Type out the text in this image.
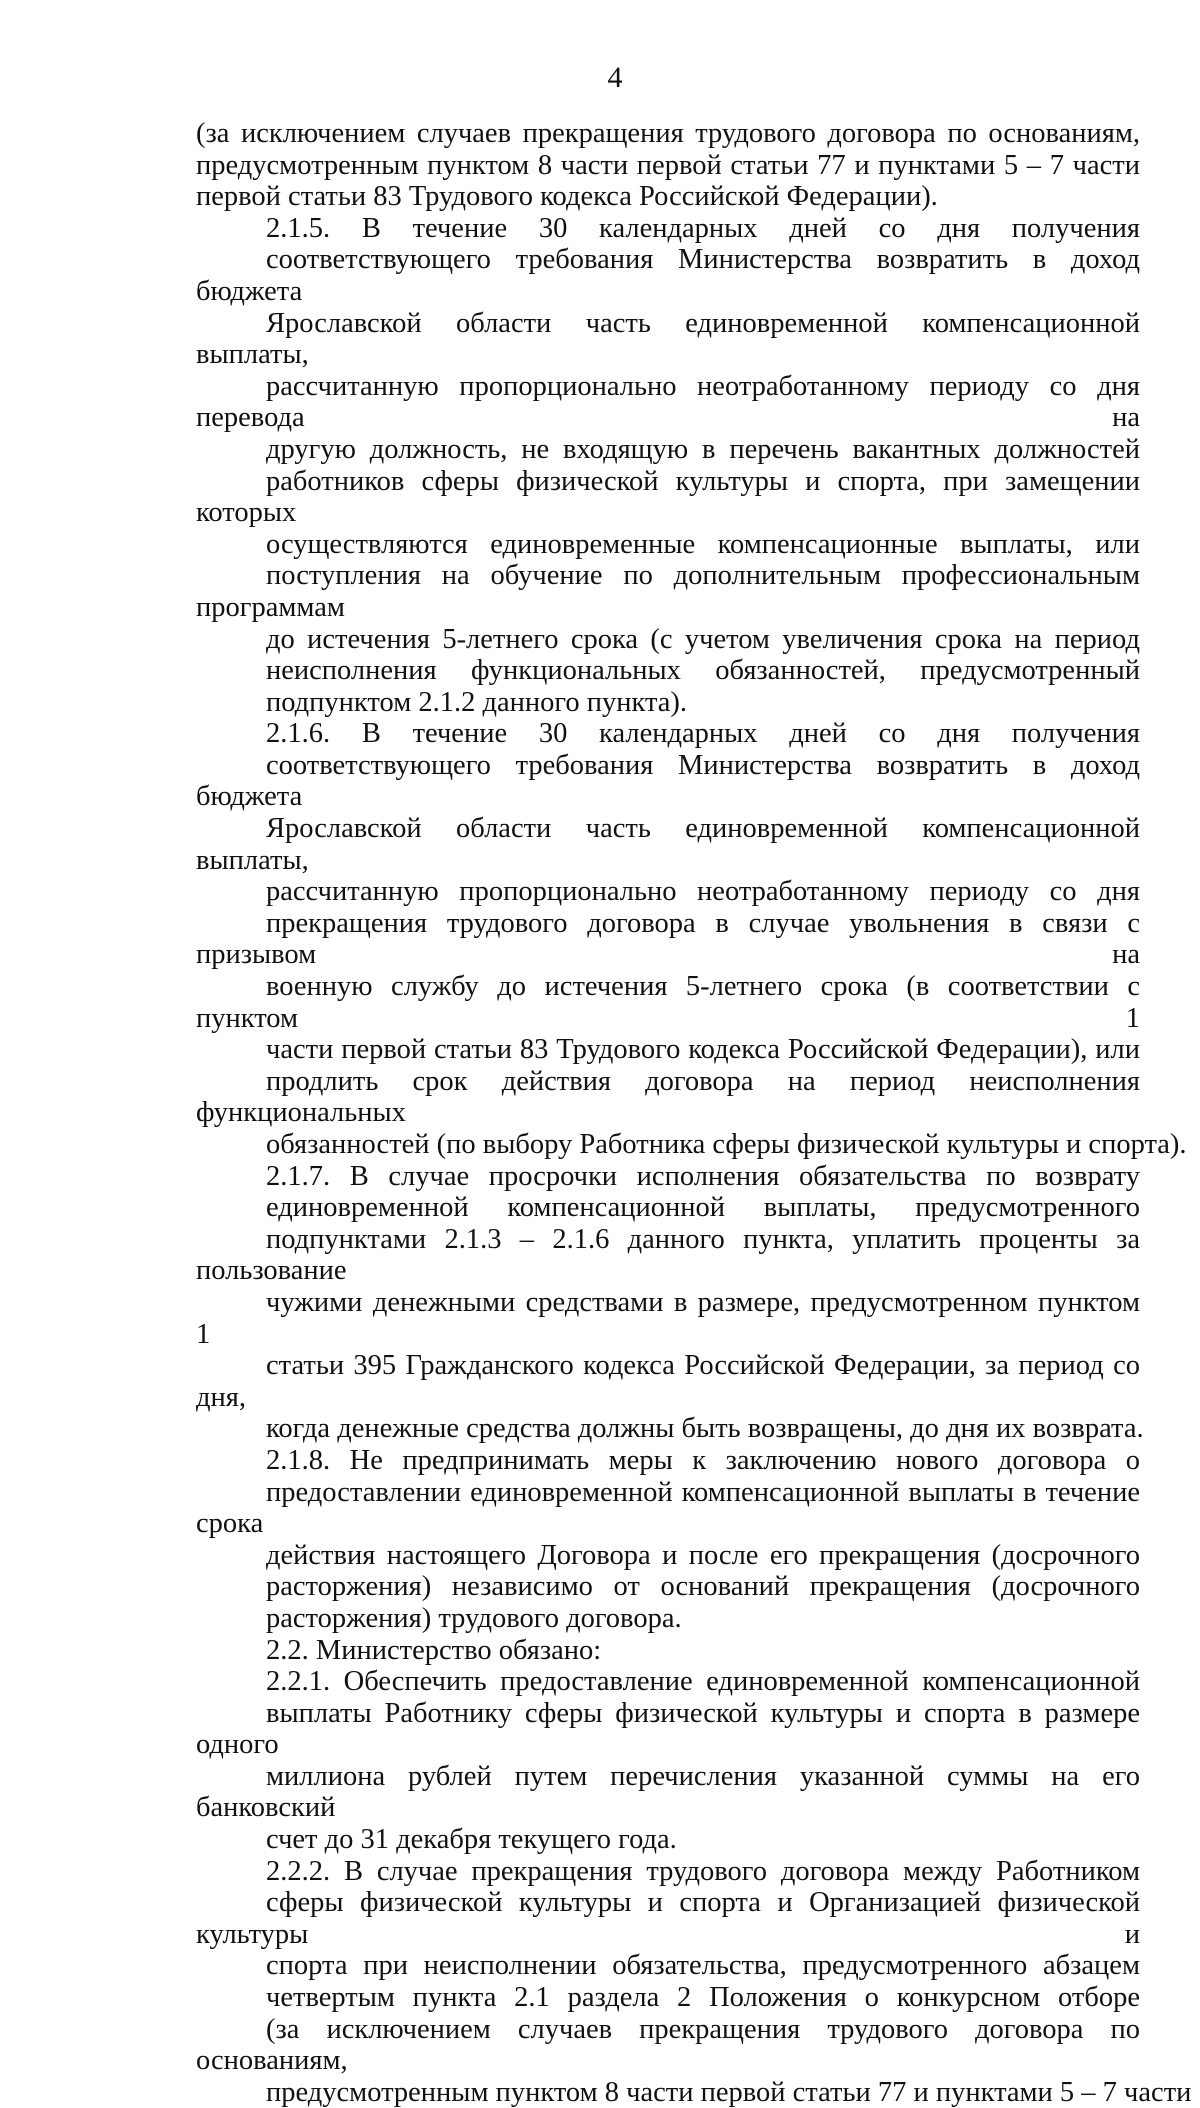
4
(за исключением случаев прекращения трудового договора по основаниям,
предусмотренным пунктом 8 части первой статьи 77 и пунктами 5 – 7 части
первой статьи 83 Трудового кодекса Российской Федерации).
2.1.5. В течение 30 календарных дней со дня получения
соответствующего требования Министерства возвратить в доход бюджета
Ярославской области часть единовременной компенсационной выплаты,
рассчитанную пропорционально неотработанному периоду со дня перевода на
другую должность, не входящую в перечень вакантных должностей
работников сферы физической культуры и спорта, при замещении которых
осуществляются единовременные компенсационные выплаты, или
поступления на обучение по дополнительным профессиональным программам
до истечения 5-летнего срока (с учетом увеличения срока на период
неисполнения функциональных обязанностей, предусмотренный
подпунктом 2.1.2 данного пункта).
2.1.6. В течение 30 календарных дней со дня получения
соответствующего требования Министерства возвратить в доход бюджета
Ярославской области часть единовременной компенсационной выплаты,
рассчитанную пропорционально неотработанному периоду со дня
прекращения трудового договора в случае увольнения в связи с призывом на
военную службу до истечения 5-летнего срока (в соответствии с пунктом 1
части первой статьи 83 Трудового кодекса Российской Федерации), или
продлить срок действия договора на период неисполнения функциональных
обязанностей (по выбору Работника сферы физической культуры и спорта).
2.1.7. В случае просрочки исполнения обязательства по возврату
единовременной компенсационной выплаты, предусмотренного
подпунктами 2.1.3 – 2.1.6 данного пункта, уплатить проценты за пользование
чужими денежными средствами в размере, предусмотренном пунктом 1
статьи 395 Гражданского кодекса Российской Федерации, за период со дня,
когда денежные средства должны быть возвращены, до дня их возврата.
2.1.8. Не предпринимать меры к заключению нового договора о
предоставлении единовременной компенсационной выплаты в течение срока
действия настоящего Договора и после его прекращения (досрочного
расторжения) независимо от оснований прекращения (досрочного
расторжения) трудового договора.
2.2. Министерство обязано:
2.2.1. Обеспечить предоставление единовременной компенсационной
выплаты Работнику сферы физической культуры и спорта в размере одного
миллиона рублей путем перечисления указанной суммы на его банковский
счет до 31 декабря текущего года.
2.2.2. В случае прекращения трудового договора между Работником
сферы физической культуры и спорта и Организацией физической культуры и
спорта при неисполнении обязательства, предусмотренного абзацем
четвертым пункта 2.1 раздела 2 Положения о конкурсном отборе
(за исключением случаев прекращения трудового договора по основаниям,
предусмотренным пунктом 8 части первой статьи 77 и пунктами 5 – 7 части
